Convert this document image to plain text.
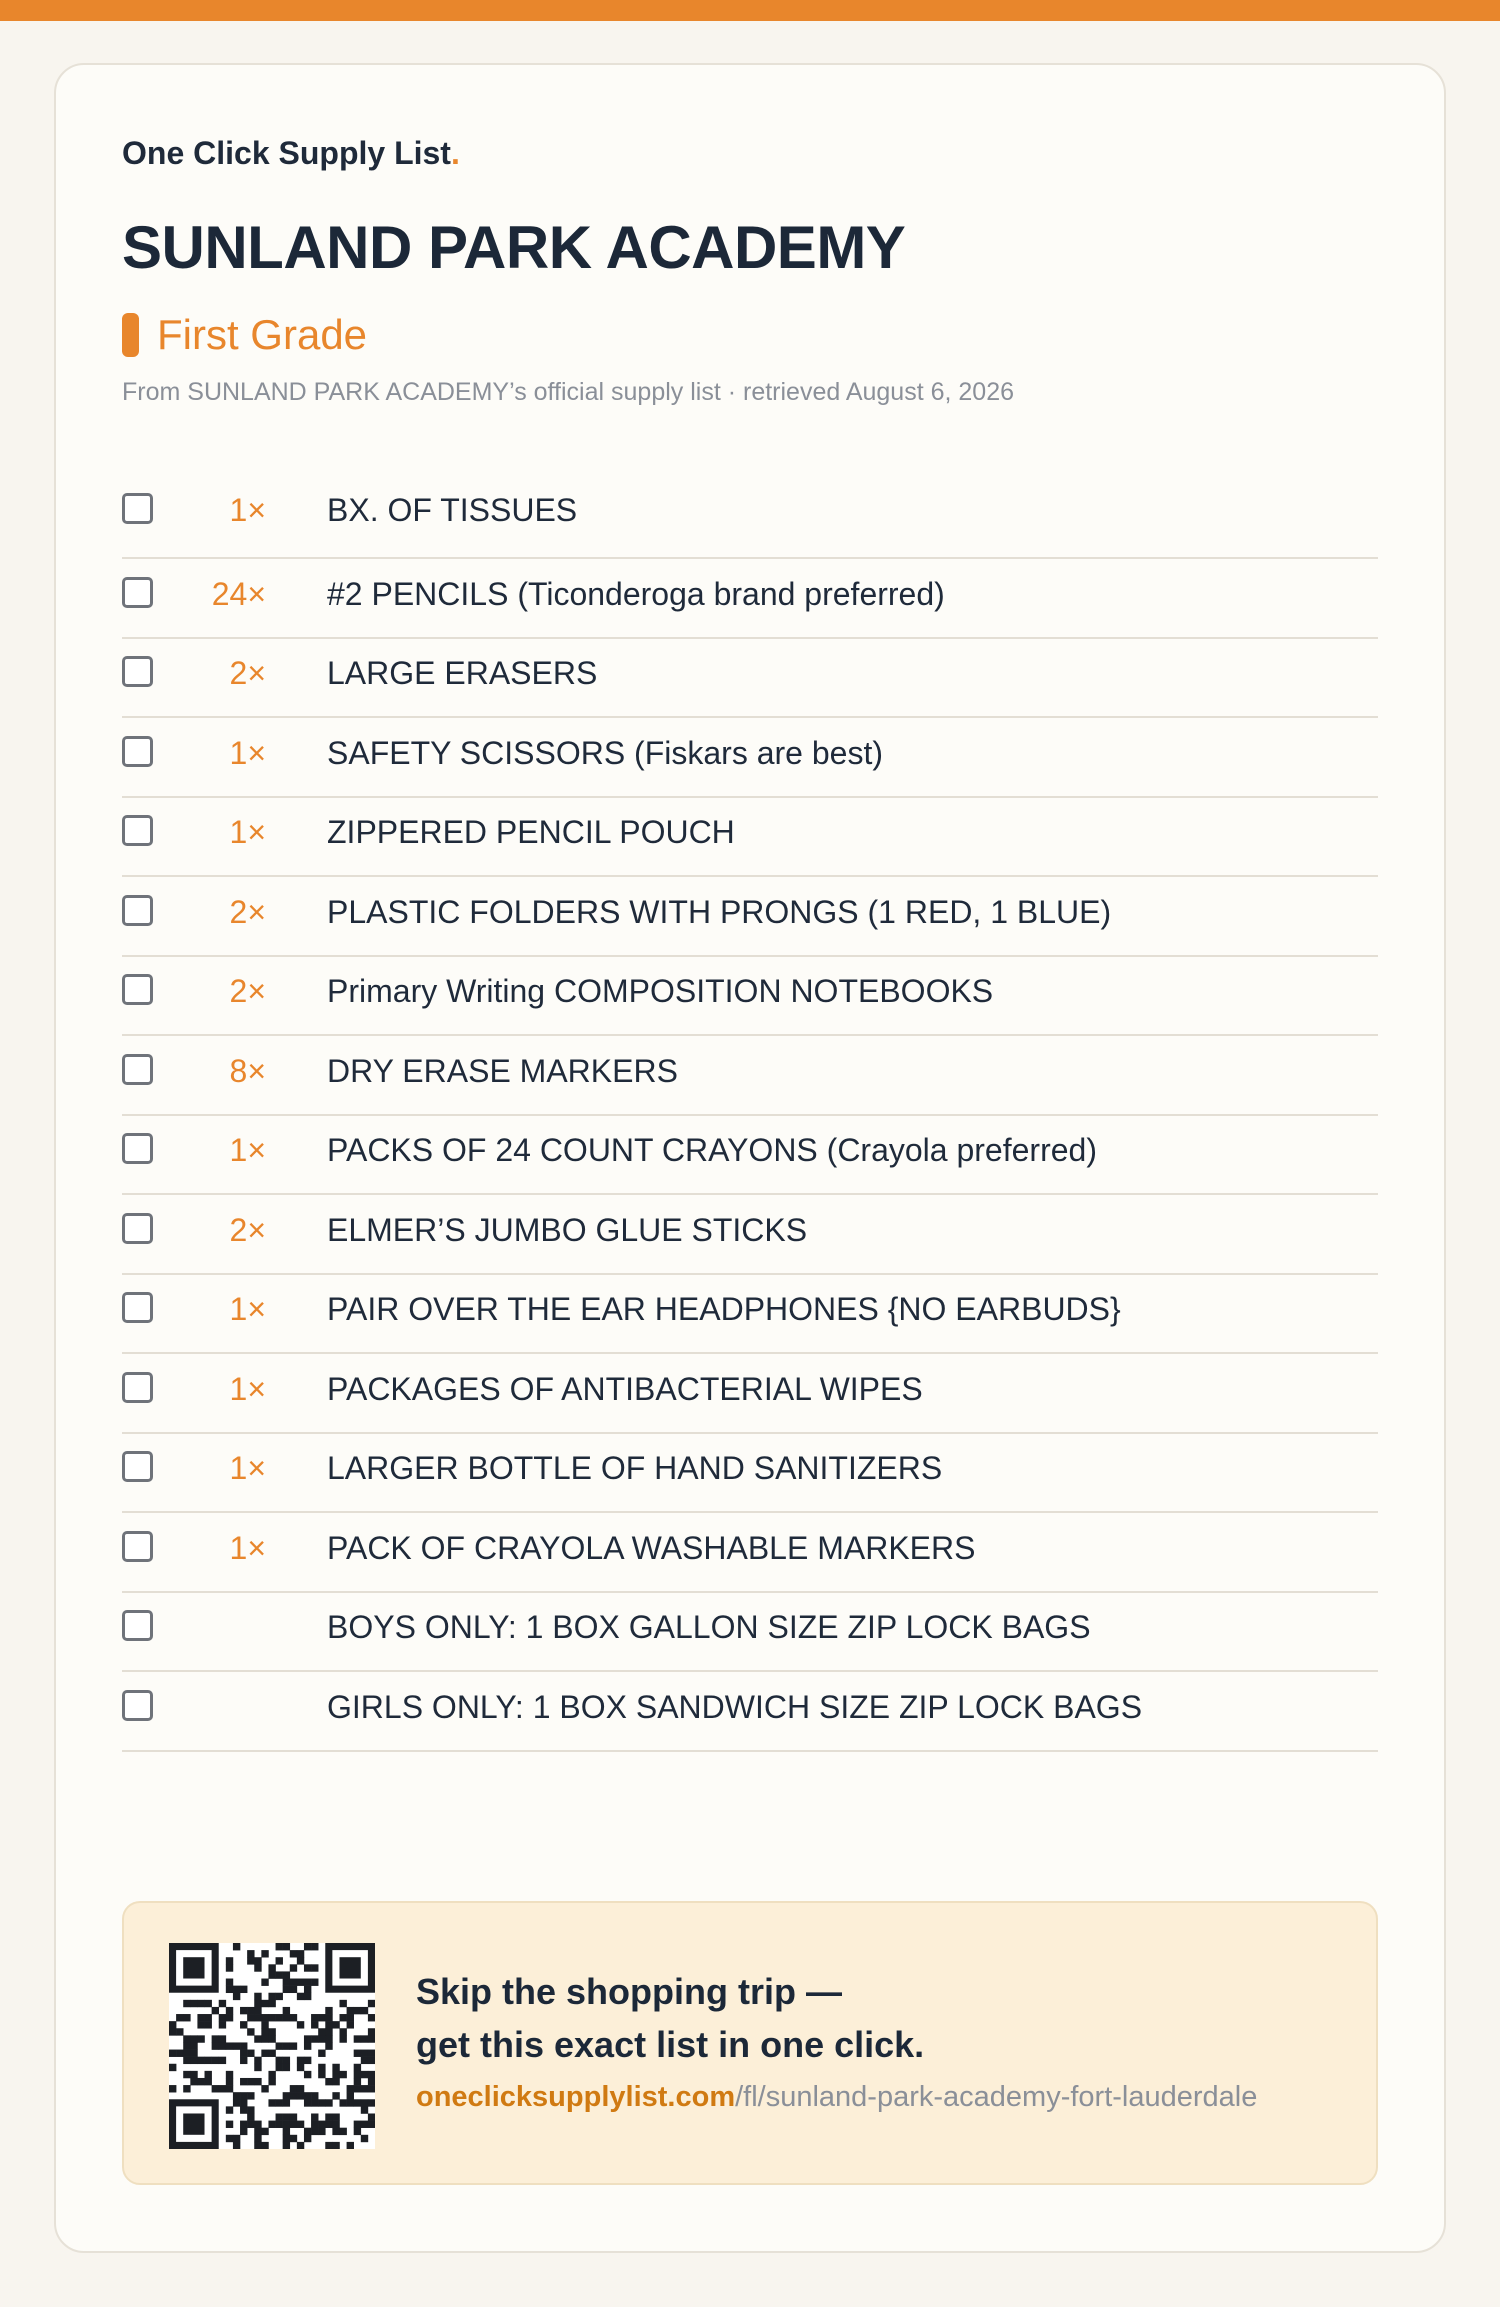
One Click Supply List.
SUNLAND PARK ACADEMY
First Grade
From SUNLAND PARK ACADEMY’s official supply list · retrieved August 6, 2026
1× BX. OF TISSUES
24× #2 PENCILS (Ticonderoga brand preferred)
2× LARGE ERASERS
1× SAFETY SCISSORS (Fiskars are best)
1× ZIPPERED PENCIL POUCH
2× PLASTIC FOLDERS WITH PRONGS (1 RED, 1 BLUE)
2× Primary Writing COMPOSITION NOTEBOOKS
8× DRY ERASE MARKERS
1× PACKS OF 24 COUNT CRAYONS (Crayola preferred)
2× ELMER’S JUMBO GLUE STICKS
1× PAIR OVER THE EAR HEADPHONES {NO EARBUDS}
1× PACKAGES OF ANTIBACTERIAL WIPES
1× LARGER BOTTLE OF HAND SANITIZERS
1× PACK OF CRAYOLA WASHABLE MARKERS
BOYS ONLY: 1 BOX GALLON SIZE ZIP LOCK BAGS
GIRLS ONLY: 1 BOX SANDWICH SIZE ZIP LOCK BAGS
Skip the shopping trip —
get this exact list in one click.
oneclicksupplylist.com/fl/sunland-park-academy-fort-lauderdale
